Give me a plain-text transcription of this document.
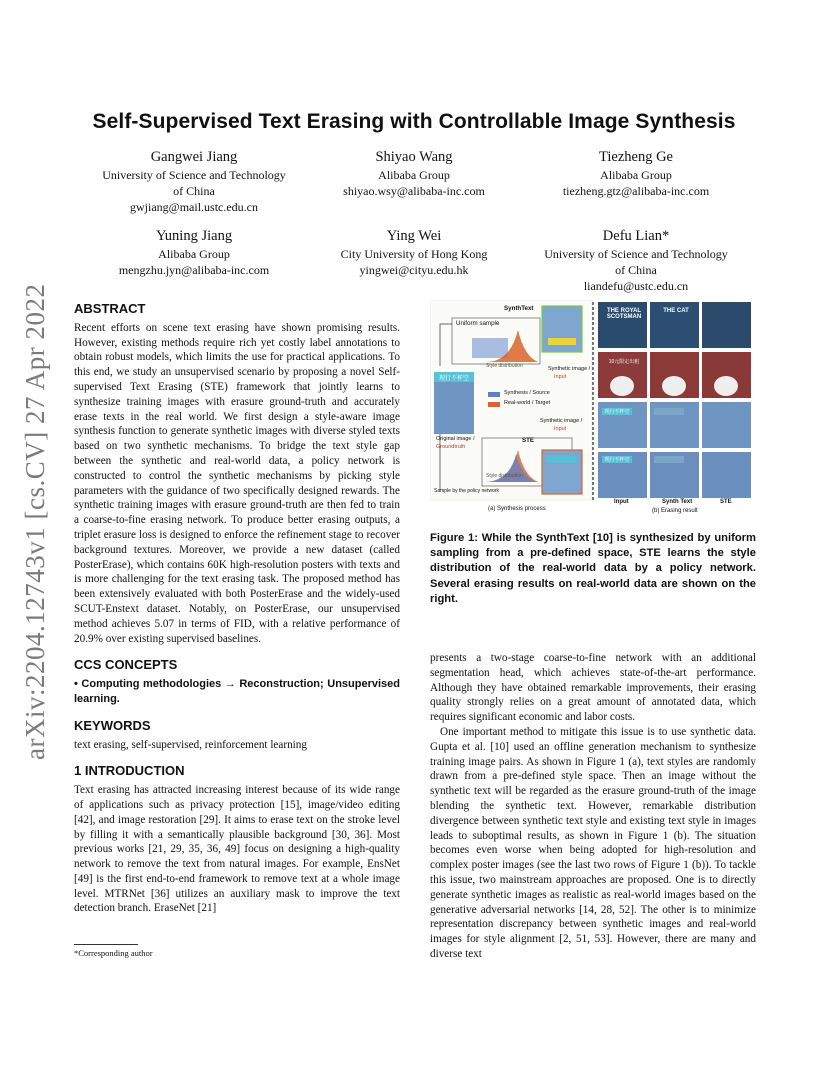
arXiv:2204.12743v1 [cs.CV] 27 Apr 2022
Self-Supervised Text Erasing with Controllable Image Synthesis
Gangwei Jiang
University of Science and Technology
of China
gwjiang@mail.ustc.edu.cn
Shiyao Wang
Alibaba Group
shiyao.wsy@alibaba-inc.com
Tiezheng Ge
Alibaba Group
tiezheng.gtz@alibaba-inc.com
Yuning Jiang
Alibaba Group
mengzhu.jyn@alibaba-inc.com
Ying Wei
City University of Hong Kong
yingwei@cityu.edu.hk
Defu Lian*
University of Science and Technology
of China
liandefu@ustc.edu.cn
ABSTRACT

Recent efforts on scene text erasing have shown promising results. However, existing methods require rich yet costly label annotations to obtain robust models, which limits the use for practical applications. To this end, we study an unsupervised scenario by proposing a novel Self-supervised Text Erasing (STE) framework that jointly learns to synthesize training images with erasure ground-truth and accurately erase texts in the real world. We first design a style-aware image synthesis function to generate synthetic images with diverse styled texts based on two synthetic mechanisms. To bridge the text style gap between the synthetic and real-world data, a policy network is constructed to control the synthetic mechanisms by picking style parameters with the guidance of two specifically designed rewards. The synthetic training images with erasure ground-truth are then fed to train a coarse-to-fine erasing network. To produce better erasing outputs, a triplet erasure loss is designed to enforce the refinement stage to recover background textures. Moreover, we provide a new dataset (called PosterErase), which contains 60K high-resolution posters with texts and is more challenging for the text erasing task. The proposed method has been extensively evaluated with both PosterErase and the widely-used SCUT-Enstext dataset. Notably, on PosterErase, our unsupervised method achieves 5.07 in terms of FID, with a relative performance of 20.9% over existing supervised baselines.

CCS CONCEPTS

• Computing methodologies → Reconstruction; Unsupervised learning.

KEYWORDS

text erasing, self-supervised, reinforcement learning

1 INTRODUCTION

Text erasing has attracted increasing interest because of its wide range of applications such as privacy protection [15], image/video editing [42], and image restoration [29]. It aims to erase text on the stroke level by filling it with a semantically plausible background [30, 36]. Most previous works [21, 29, 35, 36, 49] focus on designing a high-quality network to remove the text from natural images. For example, EnsNet [49] is the first end-to-end framework to remove text at a whole image level. MTRNet [36] utilizes an auxiliary mask to improve the text detection branch. EraseNet [21]

*Corresponding author
SynthText
Uniform sample
Style distribution	Synthetic image /
Input
Synthesis / Source
Real-world / Target
Synthetic image /
Input
Original image /
Groundtruth
STE
Style distribution
Sample by the policy network
(a) Synthesis process	(b) Erasing result
Input	Synth Text	STE
THE ROYAL SCOTSMAN
THE CAT
10元限定出租
现行不杯空
现行不杯空
现行不杯空
Figure 1: While the SynthText [10] is synthesized by uniform sampling from a pre-defined space, STE learns the style distribution of the real-world data by a policy network. Several erasing results on real-world data are shown on the right.

presents a two-stage coarse-to-fine network with an additional segmentation head, which achieves state-of-the-art performance. Although they have obtained remarkable improvements, their erasing quality strongly relies on a great amount of annotated data, which requires significant economic and labor costs.

One important method to mitigate this issue is to use synthetic data. Gupta et al. [10] used an offline generation mechanism to synthesize training image pairs. As shown in Figure 1 (a), text styles are randomly drawn from a pre-defined style space. Then an image without the synthetic text will be regarded as the erasure ground-truth of the image blending the synthetic text. However, remarkable distribution divergence between synthetic text style and existing text style in images leads to suboptimal results, as shown in Figure 1 (b). The situation becomes even worse when being adopted for high-resolution and complex poster images (see the last two rows of Figure 1 (b)). To tackle this issue, two mainstream approaches are proposed. One is to directly generate synthetic images as realistic as real-world images based on the generative adversarial networks [14, 28, 52]. The other is to minimize representation discrepancy between synthetic images and real-world images for style alignment [2, 51, 53]. However, there are many and diverse text
